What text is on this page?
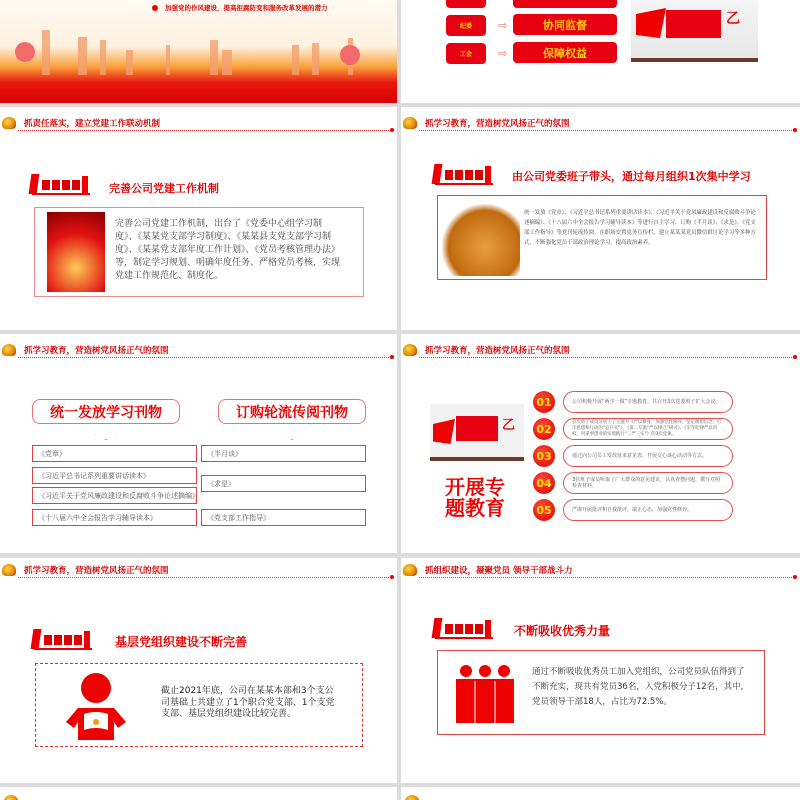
加强党的作风建设，提高拒腐防变和服务改革发展的潜力
纪委	⇨	协同监督
工会	⇨	保障权益
乙
抓责任落实，建立党建工作联动机制
完善公司党建工作机制
完善公司党建工作机制，出台了《党委中心组学习制度》、《某某党支部学习制度》、《某某县支党支部学习制度》、《某某党支部年度工作计划》、《党员考核管理办法》等，制定学习规划、明确年度任务、严格党员考核，实现党建工作规范化、制度化。
抓学习教育，营造树党风扬正气的氛围
由公司党委班子带头，通过每月组织1次集中学习
统一发放《党章》、《习近平总书记系列重要讲话读本》、《习近平关于党风廉政建设和反腐败斗争论述摘编》、《十八届六中全会报告学习辅导读本》等进行自主学习、订购《半月谈》、《求是》、《党支部工作指导》等党刊轮流传阅、在职场安置党务宣传栏、建立某某某党员微信群讨论学习等多种方式，不断强化党员干部政治理论学习，提高政治素养。
抓学习教育，营造树党风扬正气的氛围
统一发放学习刊物	订购轮流传阅刊物
《党章》
《习近平总书记系列重要讲话读本》
《习近平关于党风廉政建设和反腐败斗争论述摘编》
《十八届六中全会报告学习辅导读本》
《半月谈》
《求是》
《党支部工作指导》
抓学习教育，营造树党风扬正气的氛围
乙
开展专
题教育
01	公司积极开展“两学一做”专题教育，共召开3次党委班子扩大会议。
02	首次班子成员分别上了主题为《严以修身，加强党性修养，坚定理想信念，打牢思想和行动的“总开关”》、《第二专题“严以律己”研讨》、《军军纪律严以用权，用谋事创业的实绩践行“三严三实”》的3次党课。
03	通过向公司员工发放征求意见表、开展交心谈心活动等方式。
04	3位班子成员听取了广大群众的意见建议，认真查摆问题，撰写对照检查材料。
05	严肃开展批评和自我批评，端正心态，加强党性修养。
抓学习教育，营造树党风扬正气的氛围
基层党组织建设不断完善
截止2021年底，公司在某某本部和3个支公司基础上共建立了1个职合党支部、1个支党支部、基层党组织建设比较完善。
抓组织建设，凝聚党员 领导干部战斗力
不断吸收优秀力量
通过不断吸收优秀员工加入党组织，公司党员队伍得到了不断充实，现共有党员36名，入党积极分子12名，其中,党员领导干部18人，占比为72.5%。
